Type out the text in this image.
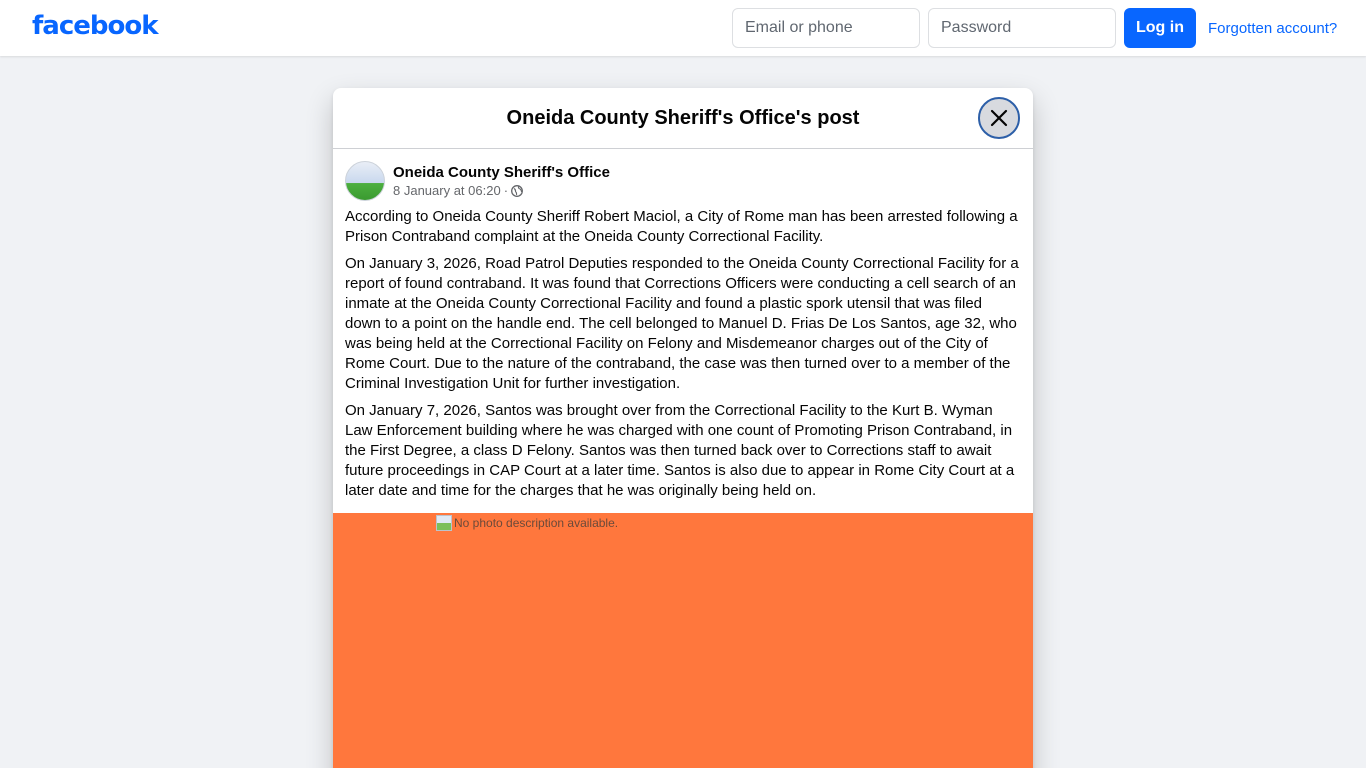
facebook
Email or phone	Log in	Forgotten account?
Oneida County Sheriff's Office's post
Oneida County Sheriff's Office
8 January at 06:20 ·

According to Oneida County Sheriff Robert Maciol, a City of Rome man has been arrested following a Prison Contraband complaint at the Oneida County Correctional Facility.

On January 3, 2026, Road Patrol Deputies responded to the Oneida County Correctional Facility for a report of found contraband. It was found that Corrections Officers were conducting a cell search of an inmate at the Oneida County Correctional Facility and found a plastic spork utensil that was filed down to a point on the handle end. The cell belonged to Manuel D. Frias De Los Santos, age 32, who was being held at the Correctional Facility on Felony and Misdemeanor charges out of the City of Rome Court. Due to the nature of the contraband, the case was then turned over to a member of the Criminal Investigation Unit for further investigation.

On January 7, 2026, Santos was brought over from the Correctional Facility to the Kurt B. Wyman Law Enforcement building where he was charged with one count of Promoting Prison Contraband, in the First Degree, a class D Felony. Santos was then turned back over to Corrections staff to await future proceedings in CAP Court at a later time. Santos is also due to appear in Rome City Court at a later date and time for the charges that he was originally being held on.

No photo description available.
